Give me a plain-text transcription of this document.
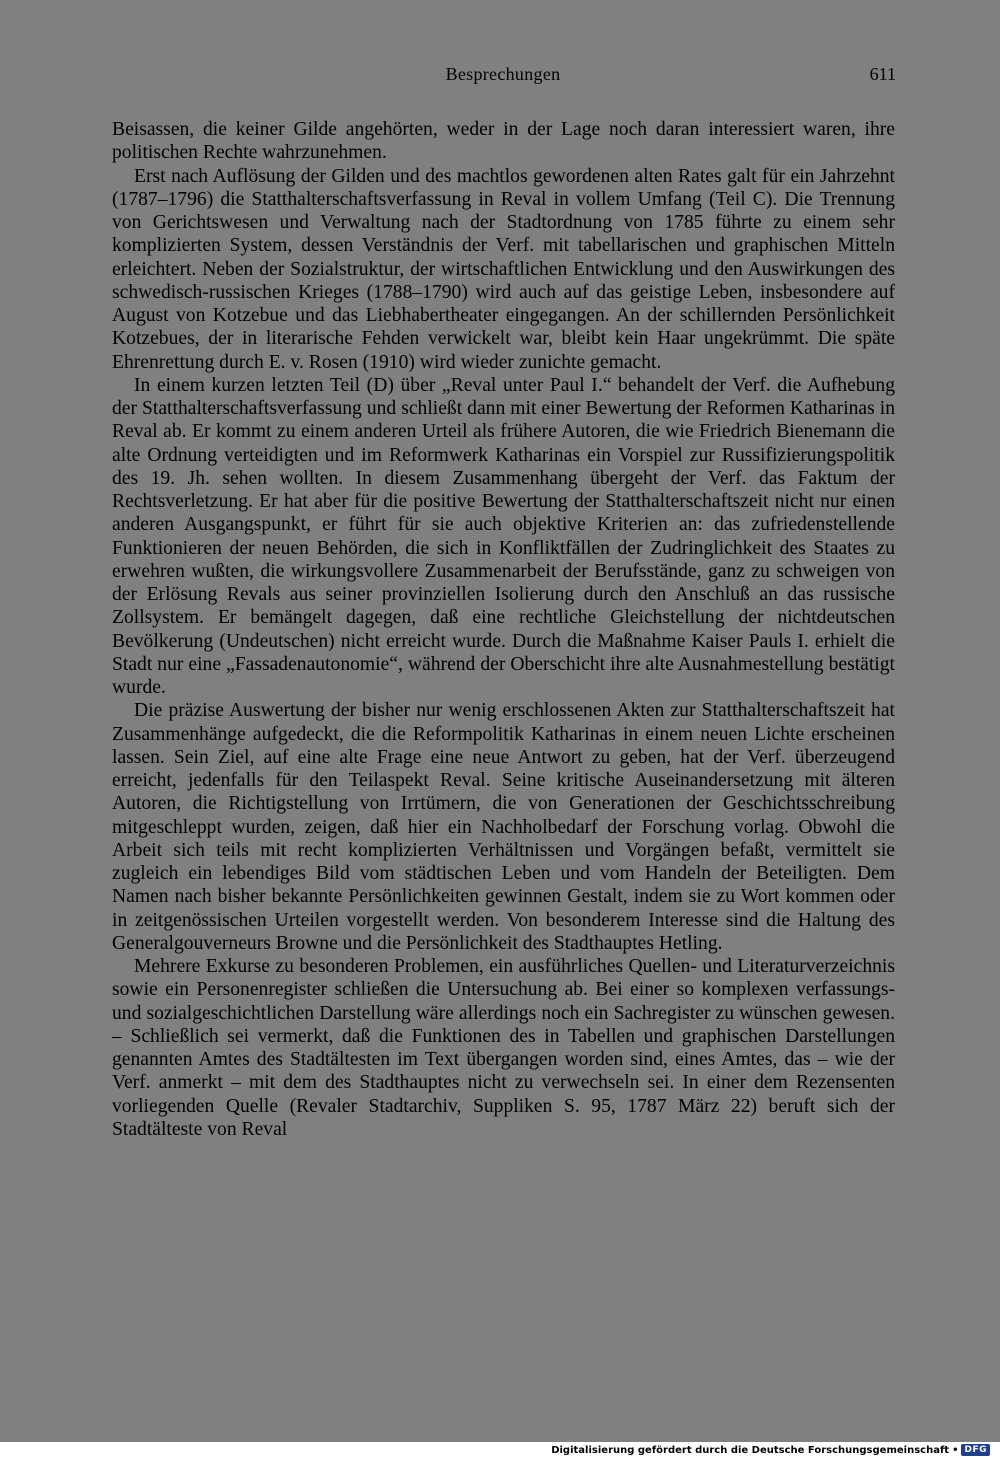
Besprechungen	611

Beisassen, die keiner Gilde angehörten, weder in der Lage noch daran interessiert waren, ihre politischen Rechte wahrzunehmen.

Erst nach Auflösung der Gilden und des machtlos gewordenen alten Rates galt für ein Jahrzehnt (1787–1796) die Statthalterschaftsverfassung in Reval in vollem Umfang (Teil C). Die Trennung von Gerichtswesen und Verwaltung nach der Stadtordnung von 1785 führte zu einem sehr komplizierten System, dessen Verständnis der Verf. mit tabellarischen und graphischen Mitteln erleichtert. Neben der Sozialstruktur, der wirtschaftlichen Entwicklung und den Auswirkungen des schwedisch-russischen Krieges (1788–1790) wird auch auf das geistige Leben, insbesondere auf August von Kotzebue und das Liebhabertheater eingegangen. An der schillernden Persönlichkeit Kotzebues, der in literarische Fehden verwickelt war, bleibt kein Haar ungekrümmt. Die späte Ehrenrettung durch E. v. Rosen (1910) wird wieder zunichte gemacht.

In einem kurzen letzten Teil (D) über „Reval unter Paul I.“ behandelt der Verf. die Aufhebung der Statthalterschaftsverfassung und schließt dann mit einer Bewertung der Reformen Katharinas in Reval ab. Er kommt zu einem anderen Urteil als frühere Autoren, die wie Friedrich Bienemann die alte Ordnung verteidigten und im Reformwerk Katharinas ein Vorspiel zur Russifizierungspolitik des 19. Jh. sehen wollten. In diesem Zusammenhang übergeht der Verf. das Faktum der Rechtsverletzung. Er hat aber für die positive Bewertung der Statthalterschaftszeit nicht nur einen anderen Ausgangspunkt, er führt für sie auch objektive Kriterien an: das zufriedenstellende Funktionieren der neuen Behörden, die sich in Konfliktfällen der Zudringlichkeit des Staates zu erwehren wußten, die wirkungsvollere Zusammenarbeit der Berufsstände, ganz zu schweigen von der Erlösung Revals aus seiner provinziellen Isolierung durch den Anschluß an das russische Zollsystem. Er bemängelt dagegen, daß eine rechtliche Gleichstellung der nichtdeutschen Bevölkerung (Undeutschen) nicht erreicht wurde. Durch die Maßnahme Kaiser Pauls I. erhielt die Stadt nur eine „Fassadenautonomie“, während der Oberschicht ihre alte Ausnahmestellung bestätigt wurde.

Die präzise Auswertung der bisher nur wenig erschlossenen Akten zur Statthalterschaftszeit hat Zusammenhänge aufgedeckt, die die Reformpolitik Katharinas in einem neuen Lichte erscheinen lassen. Sein Ziel, auf eine alte Frage eine neue Antwort zu geben, hat der Verf. überzeugend erreicht, jedenfalls für den Teilaspekt Reval. Seine kritische Auseinandersetzung mit älteren Autoren, die Richtigstellung von Irrtümern, die von Generationen der Geschichtsschreibung mitgeschleppt wurden, zeigen, daß hier ein Nachholbedarf der Forschung vorlag. Obwohl die Arbeit sich teils mit recht komplizierten Verhältnissen und Vorgängen befaßt, vermittelt sie zugleich ein lebendiges Bild vom städtischen Leben und vom Handeln der Beteiligten. Dem Namen nach bisher bekannte Persönlichkeiten gewinnen Gestalt, indem sie zu Wort kommen oder in zeitgenössischen Urteilen vorgestellt werden. Von besonderem Interesse sind die Haltung des Generalgouverneurs Browne und die Persönlichkeit des Stadthauptes Hetling.

Mehrere Exkurse zu besonderen Problemen, ein ausführliches Quellen- und Literaturverzeichnis sowie ein Personenregister schließen die Untersuchung ab. Bei einer so komplexen verfassungs- und sozialgeschichtlichen Darstellung wäre allerdings noch ein Sachregister zu wünschen gewesen. – Schließlich sei vermerkt, daß die Funktionen des in Tabellen und graphischen Darstellungen genannten Amtes des Stadtältesten im Text übergangen worden sind, eines Amtes, das – wie der Verf. anmerkt – mit dem des Stadthauptes nicht zu verwechseln sei. In einer dem Rezensenten vorliegenden Quelle (Revaler Stadtarchiv, Suppliken S. 95, 1787 März 22) beruft sich der Stadtälteste von Reval

Digitalisierung gefördert durch die Deutsche Forschungsgemeinschaft • DFG
